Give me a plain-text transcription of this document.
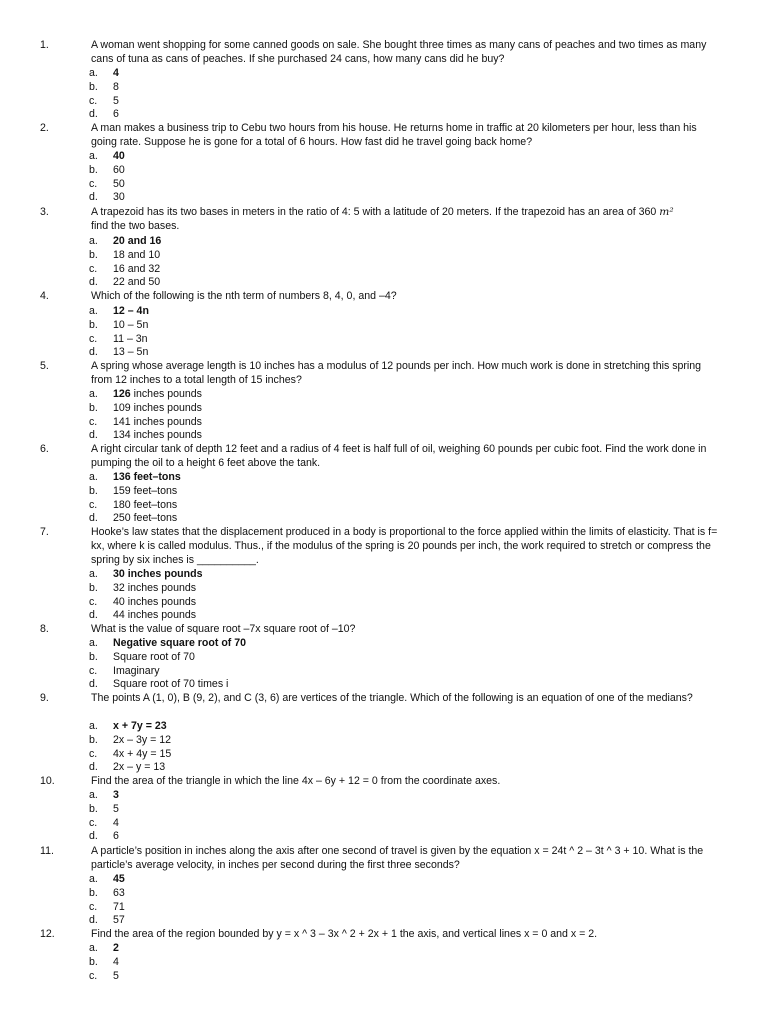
1.	A woman went shopping for some canned goods on sale. She bought three times as many cans of peaches and two times as many cans of tuna as cans of peaches. If she purchased 24 cans, how many cans did he buy?
a. 4
b. 8
c. 5
d. 6
2.	A man makes a business trip to Cebu two hours from his house. He returns home in traffic at 20 kilometers per hour, less than his going rate. Suppose he is gone for a total of 6 hours. How fast did he travel going back home?
a. 40
b. 60
c. 50
d. 30
3.	A trapezoid has its two bases in meters in the ratio of 4: 5 with a latitude of 20 meters. If the trapezoid has an area of 360 m²
find the two bases.
a. 20 and 16
b. 18 and 10
c. 16 and 32
d. 22 and 50
4.	Which of the following is the nth term of numbers 8, 4, 0, and –4?
a. 12 – 4n
b. 10 – 5n
c. 11 – 3n
d. 13 – 5n
5.	A spring whose average length is 10 inches has a modulus of 12 pounds per inch. How much work is done in stretching this spring from 12 inches to a total length of 15 inches?
a. 126 inches pounds
b. 109 inches pounds
c. 141 inches pounds
d. 134 inches pounds
6.	A right circular tank of depth 12 feet and a radius of 4 feet is half full of oil, weighing 60 pounds per cubic foot. Find the work done in pumping the oil to a height 6 feet above the tank.
a. 136 feet–tons
b. 159 feet–tons
c. 180 feet–tons
d. 250 feet–tons
7.	Hooke’s law states that the displacement produced in a body is proportional to the force applied within the limits of elasticity. That is f= kx, where k is called modulus. Thus., if the modulus of the spring is 20 pounds per inch, the work required to stretch or compress the spring by six inches is __________.
a. 30 inches pounds
b. 32 inches pounds
c. 40 inches pounds
d. 44 inches pounds
8.	What is the value of square root –7x square root of –10?
a. Negative square root of 70
b. Square root of 70
c. Imaginary
d. Square root of 70 times i
9.	The points A (1, 0), B (9, 2), and C (3, 6) are vertices of the triangle. Which of the following is an equation of one of the medians?
a. x + 7y = 23
b. 2x – 3y = 12
c. 4x + 4y = 15
d. 2x – y = 13
10.	Find the area of the triangle in which the line 4x – 6y + 12 = 0 from the coordinate axes.
a. 3
b. 5
c. 4
d. 6
11.	A particle’s position in inches along the axis after one second of travel is given by the equation x = 24t ^ 2 – 3t ^ 3 + 10. What is the particle’s average velocity, in inches per second during the first three seconds?
a. 45
b. 63
c. 71
d. 57
12.	Find the area of the region bounded by y = x ^ 3 – 3x ^ 2 + 2x + 1 the axis, and vertical lines x = 0 and x = 2.
a. 2
b. 4
c. 5
